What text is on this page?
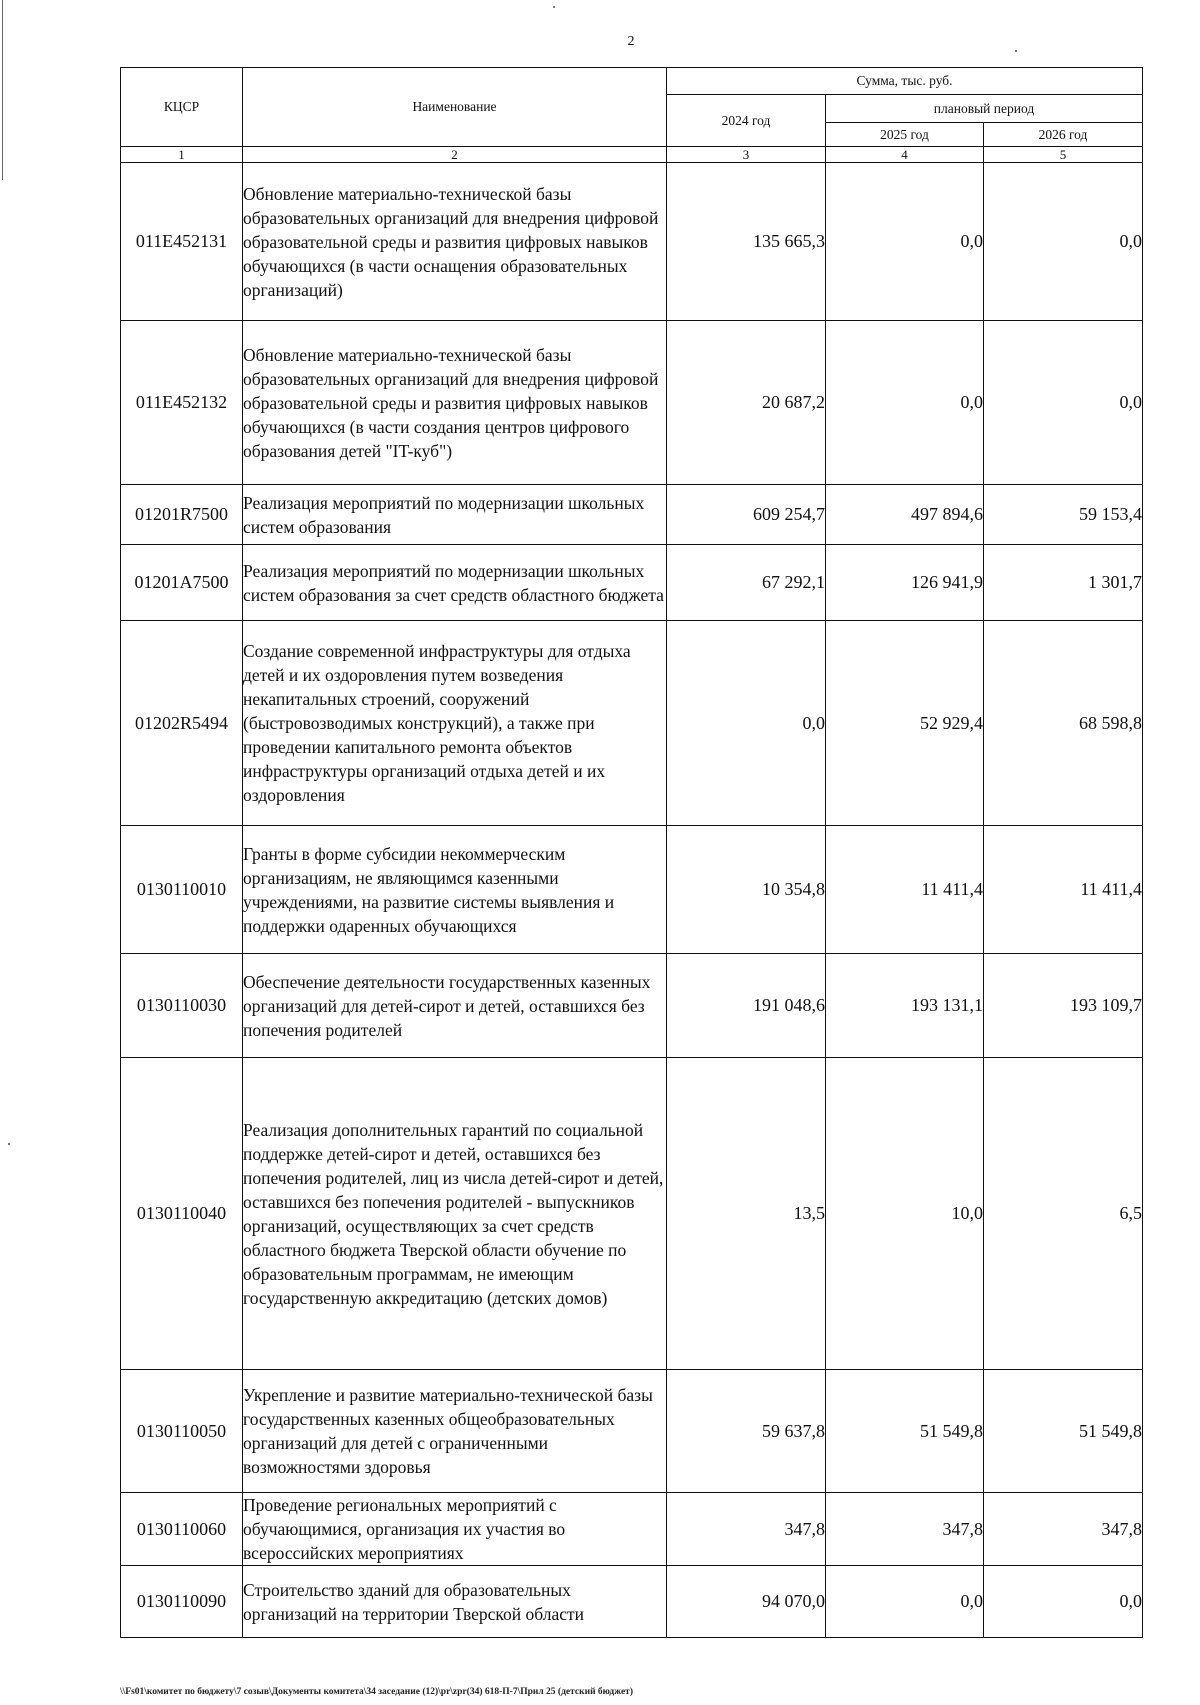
2
КЦСР	Наименование	Сумма, тыс. руб.		
		2024 год	плановый период	
			2025 год	2026 год
1	2	3	4	5
011E452131	Обновление материально-технической базы образовательных организаций для внедрения цифровой образовательной среды и развития цифровых навыков обучающихся (в части оснащения образовательных организаций)	135 665,3	0,0	0,0
011E452132	Обновление материально-технической базы образовательных организаций для внедрения цифровой образовательной среды и развития цифровых навыков обучающихся (в части создания центров цифрового образования детей "IT-куб")	20 687,2	0,0	0,0
01201R7500	Реализация мероприятий по модернизации школьных систем образования	609 254,7	497 894,6	59 153,4
01201A7500	Реализация мероприятий по модернизации школьных систем образования за счет средств областного бюджета	67 292,1	126 941,9	1 301,7
01202R5494	Создание современной инфраструктуры для отдыха детей и их оздоровления путем возведения некапитальных строений, сооружений (быстровозводимых конструкций), а также при проведении капитального ремонта объектов инфраструктуры организаций отдыха детей и их оздоровления	0,0	52 929,4	68 598,8
0130110010	Гранты в форме субсидии некоммерческим организациям, не являющимся казенными учреждениями, на развитие системы выявления и поддержки одаренных обучающихся	10 354,8	11 411,4	11 411,4
0130110030	Обеспечение деятельности государственных казенных организаций для детей-сирот и детей, оставшихся без попечения родителей	191 048,6	193 131,1	193 109,7
0130110040	Реализация дополнительных гарантий по социальной поддержке детей-сирот и детей, оставшихся без попечения родителей, лиц из числа детей-сирот и детей, оставшихся без попечения родителей - выпускников организаций, осуществляющих за счет средств областного бюджета Тверской области обучение по образовательным программам, не имеющим государственную аккредитацию (детских домов)	13,5	10,0	6,5
0130110050	Укрепление и развитие материально-технической базы государственных казенных общеобразовательных организаций для детей с ограниченными возможностями здоровья	59 637,8	51 549,8	51 549,8
0130110060	Проведение региональных мероприятий с обучающимися, организация их участия во всероссийских мероприятиях	347,8	347,8	347,8
0130110090	Строительство зданий для образовательных организаций на территории Тверской области	94 070,0	0,0	0,0
\\Fs01\комитет по бюджету\7 созыв\Документы комитета\34 заседание (12)\pr\zpr(34) 618-П-7\Прил 25 (детский бюджет)
